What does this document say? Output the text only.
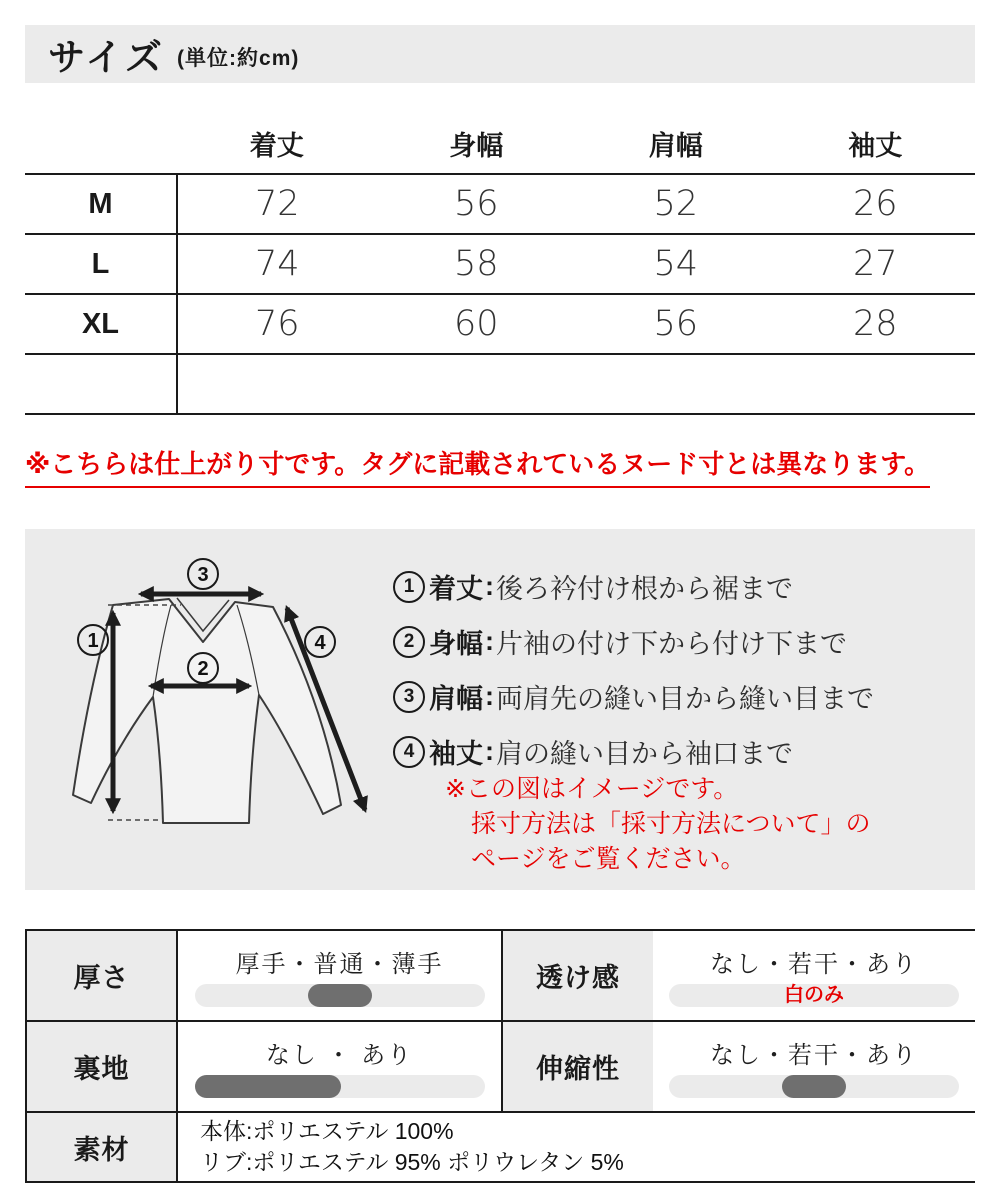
サイズ (単位:約cm)
	着丈	身幅	肩幅	袖丈
M	72	56	52	26
L	74	58	54	27
XL	76	60	56	28

※こちらは仕上がり寸です。タグに記載されているヌード寸とは異なります。
1
2
3
4
1 着丈 : 後ろ衿付け根から裾まで
2 身幅 : 片袖の付け下から付け下まで
3 肩幅 : 両肩先の縫い目から縫い目まで
4 袖丈 : 肩の縫い目から袖口まで

※この図はイメージです。

採寸方法は「採寸方法について」の

ページをご覧ください。

厚さ	厚手・普通・薄手	透け感	なし・若干・あり
白のみ

裏地	なし ・ あり	伸縮性	なし・若干・あり

素材	本体:ポリエステル 100%
リブ:ポリエステル 95% ポリウレタン 5%		
